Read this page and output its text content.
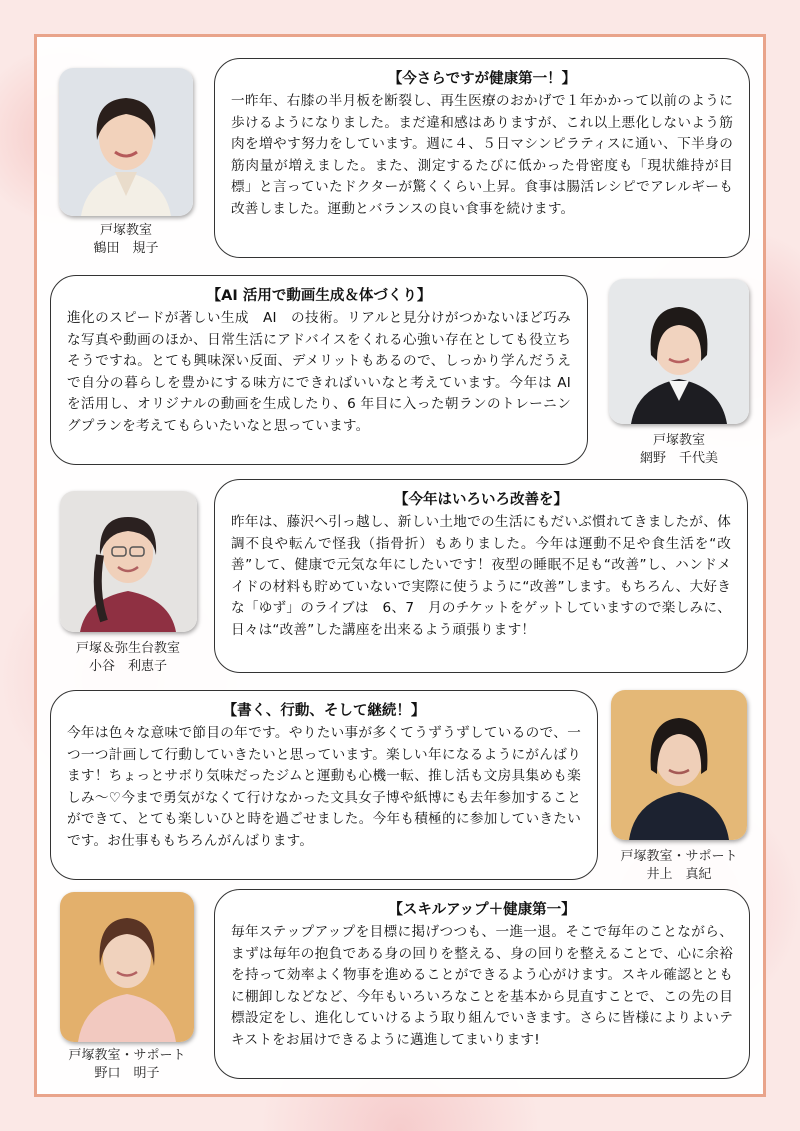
戸塚教室
鶴田　規子
【今さらですが健康第一！】
一昨年、右膝の半月板を断裂し、再生医療のおかげで１年かかって以前のように歩けるようになりました。まだ違和感はありますが、これ以上悪化しないよう筋肉を増やす努力をしています。週に４、５日マシンピラティスに通い、下半身の筋肉量が増えました。また、測定するたびに低かった骨密度も「現状維持が目標」と言っていたドクターが驚くくらい上昇。食事は腸活レシピでアレルギーも改善しました。運動とバランスの良い食事を続けます。
【AI 活用で動画生成＆体づくり】
進化のスピードが著しい生成　AI　の技術。リアルと見分けがつかないほど巧みな写真や動画のほか、日常生活にアドバイスをくれる心強い存在としても役立ちそうですね。とても興味深い反面、デメリットもあるので、しっかり学んだうえで自分の暮らしを豊かにする味方にできればいいなと考えています。今年は AI を活用し、オリジナルの動画を生成したり、6 年目に入った朝ランのトレーニングプランを考えてもらいたいなと思っています。
戸塚教室
網野　千代美
戸塚＆弥生台教室
小谷　利恵子
【今年はいろいろ改善を】
昨年は、藤沢へ引っ越し、新しい土地での生活にもだいぶ慣れてきましたが、体調不良や転んで怪我（指骨折）もありました。今年は運動不足や食生活を“改善”して、健康で元気な年にしたいです！夜型の睡眠不足も“改善”し、ハンドメイドの材料も貯めていないで実際に使うように“改善”します。もちろん、大好きな「ゆず」のライブは　6、7　月のチケットをゲットしていますので楽しみに、日々は“改善”した講座を出来るよう頑張ります！
【書く、行動、そして継続！】
今年は色々な意味で節目の年です。やりたい事が多くてうずうずしているので、一つ一つ計画して行動していきたいと思っています。楽しい年になるようにがんばります！ちょっとサボり気味だったジムと運動も心機一転、推し活も文房具集めも楽しみ～♡今まで勇気がなくて行けなかった文具女子博や紙博にも去年参加することができて、とても楽しいひと時を過ごせました。今年も積極的に参加していきたいです。お仕事ももちろんがんばります。
戸塚教室・サポート
井上　真紀
戸塚教室・サポート
野口　明子
【スキルアップ＋健康第一】
毎年ステップアップを目標に掲げつつも、一進一退。そこで毎年のことながら、まずは毎年の抱負である身の回りを整える、身の回りを整えることで、心に余裕を持って効率よく物事を進めることができるよう心がけます。スキル確認とともに棚卸しなどなど、今年もいろいろなことを基本から見直すことで、この先の目標設定をし、進化していけるよう取り組んでいきます。さらに皆様によりよいテキストをお届けできるように邁進してまいります!
